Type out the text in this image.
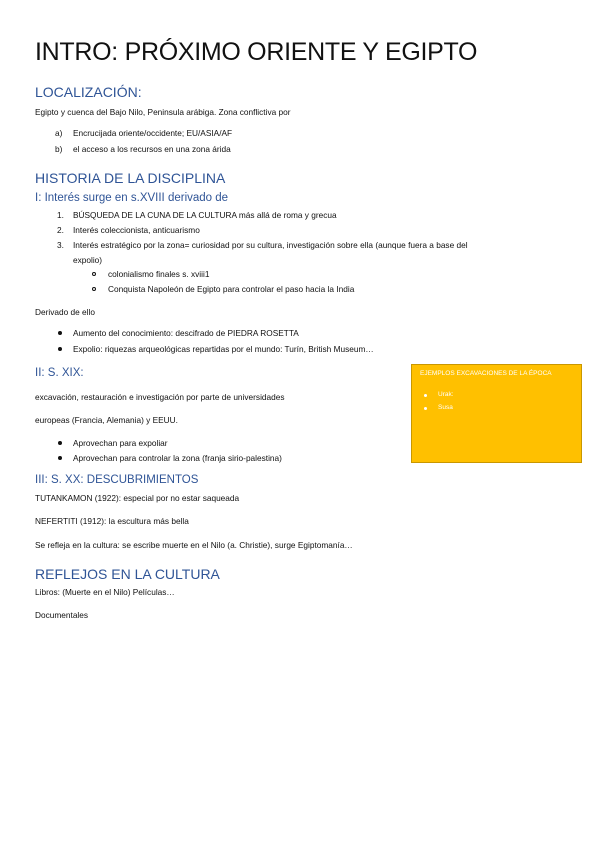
INTRO: PRÓXIMO ORIENTE Y EGIPTO
LOCALIZACIÓN:
Egipto y cuenca del Bajo Nilo, Peninsula arábiga. Zona conflictiva por
a) Encrucijada oriente/occidente; EU/ASIA/AF
b) el acceso a los recursos en una zona árida
HISTORIA DE LA DISCIPLINA
I: Interés surge en s.XVIII derivado de
1. BÚSQUEDA DE LA CUNA DE LA CULTURA más allá de roma y grecua
2. Interés coleccionista, anticuarismo
3. Interés estratégico por la zona= curiosidad por su cultura, investigación sobre ella (aunque fuera a base del
expolio)
colonialismo finales s. xviii1
Conquista Napoleón de Egipto para controlar el paso hacia la India
Derivado de ello
Aumento del conocimiento: descifrado de PIEDRA ROSETTA
Expolio: riquezas arqueológicas repartidas por el mundo: Turín, British Museum…
II: S. XIX:
excavación, restauración e investigación por parte de universidades
europeas (Francia, Alemania) y EEUU.
Aprovechan para expoliar
Aprovechan para controlar la zona (franja sirio-palestina)
III: S. XX: DESCUBRIMIENTOS
TUTANKAMON (1922): especial por no estar saqueada
NEFERTITI (1912): la escultura más bella
Se refleja en la cultura: se escribe muerte en el Nilo (a. Christie), surge Egiptomanía…
REFLEJOS EN LA CULTURA
Libros: (Muerte en el Nilo) Películas…
Documentales
EJEMPLOS EXCAVACIONES DE LA ÉPOCA
Urak:
Susa
